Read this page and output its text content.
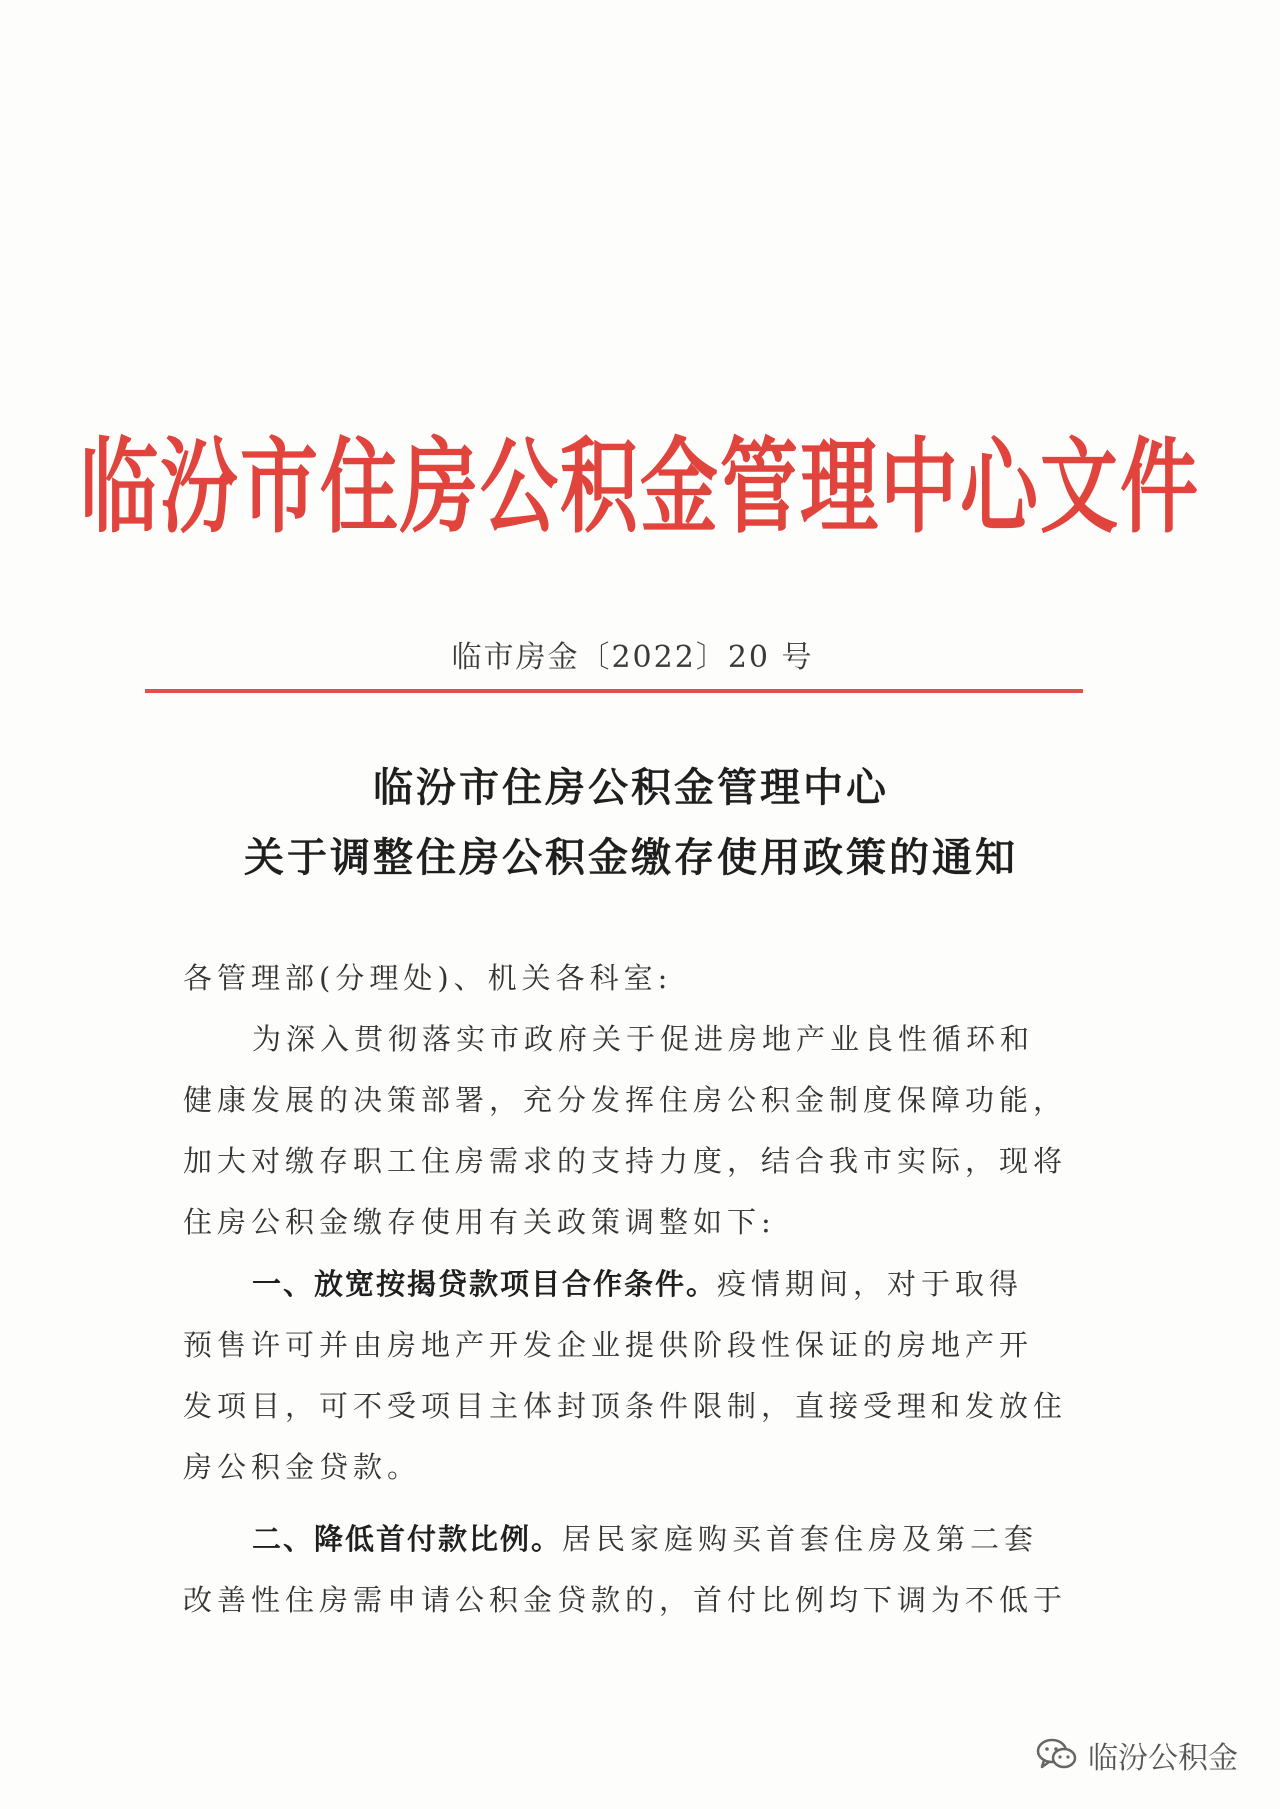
临汾市住房公积金管理中心文件
临市房金〔2022〕20 号
临汾市住房公积金管理中心
关于调整住房公积金缴存使用政策的通知
各管理部(分理处)、机关各科室:
为深入贯彻落实市政府关于促进房地产业良性循环和
健康发展的决策部署，充分发挥住房公积金制度保障功能，
加大对缴存职工住房需求的支持力度，结合我市实际，现将
住房公积金缴存使用有关政策调整如下:
一、放宽按揭贷款项目合作条件。疫情期间，对于取得
预售许可并由房地产开发企业提供阶段性保证的房地产开
发项目，可不受项目主体封顶条件限制，直接受理和发放住
房公积金贷款。
二、降低首付款比例。居民家庭购买首套住房及第二套
改善性住房需申请公积金贷款的，首付比例均下调为不低于
临汾公积金
